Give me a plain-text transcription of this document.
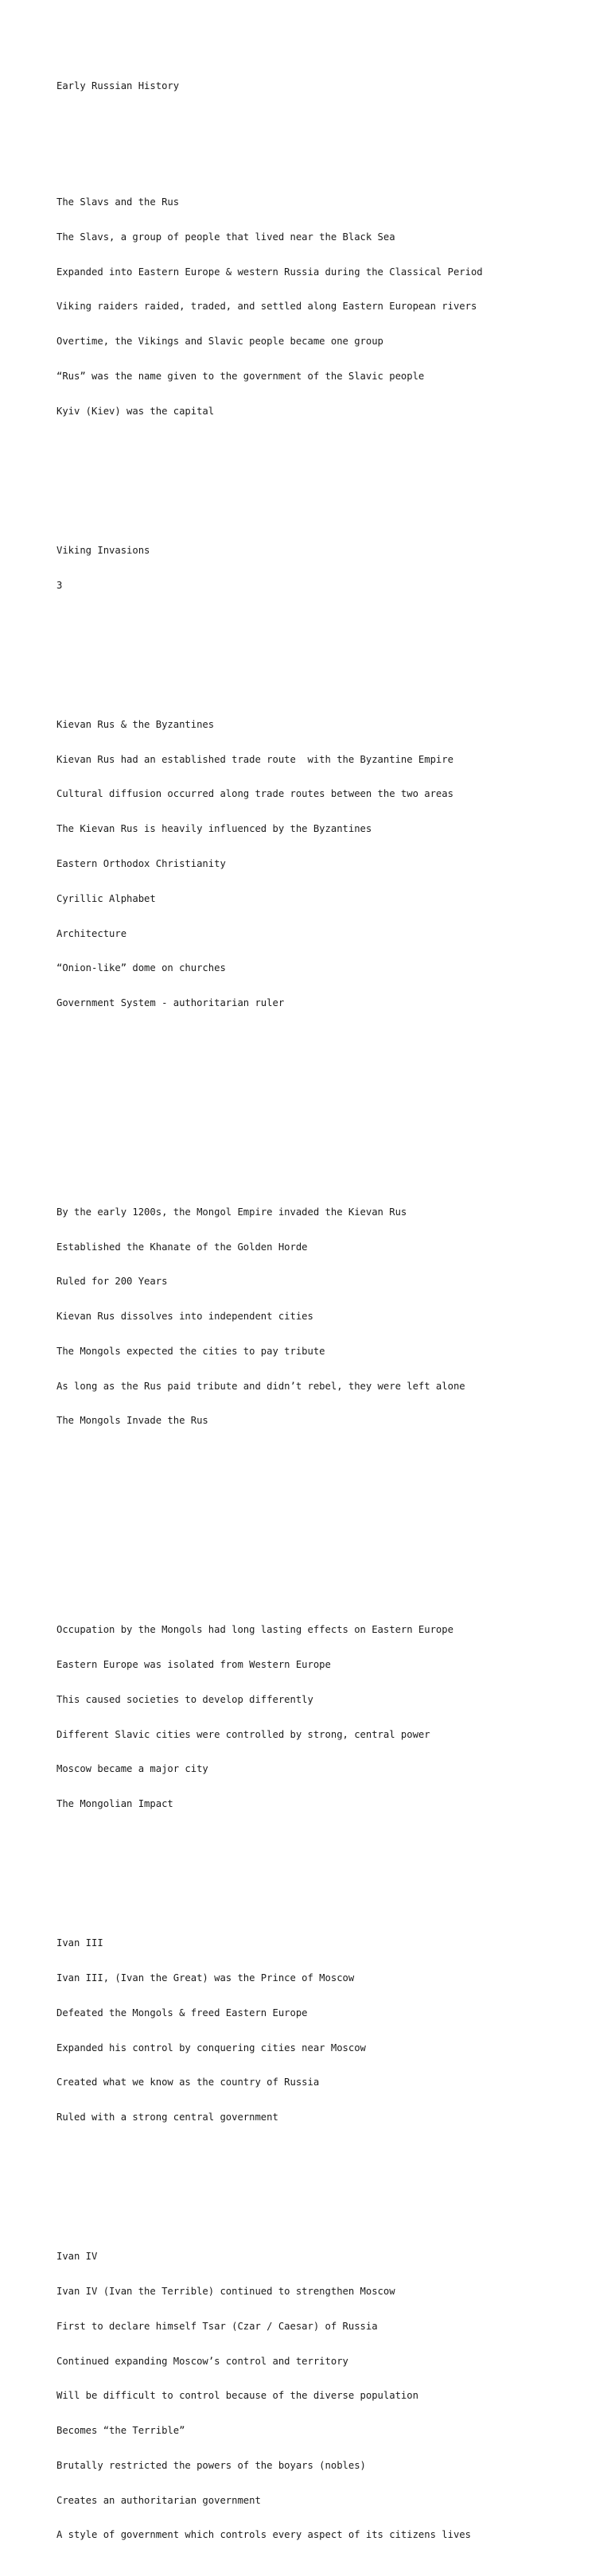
Early Russian History

The Slavs and the Rus

The Slavs, a group of people that lived near the Black Sea

Expanded into Eastern Europe & western Russia during the Classical Period

Viking raiders raided, traded, and settled along Eastern European rivers

Overtime, the Vikings and Slavic people became one group

“Rus” was the name given to the government of the Slavic people

Kyiv (Kiev) was the capital

Viking Invasions

3

Kievan Rus & the Byzantines

Kievan Rus had an established trade route  with the Byzantine Empire

Cultural diffusion occurred along trade routes between the two areas

The Kievan Rus is heavily influenced by the Byzantines

Eastern Orthodox Christianity

Cyrillic Alphabet

Architecture

“Onion-like” dome on churches

Government System - authoritarian ruler

By the early 1200s, the Mongol Empire invaded the Kievan Rus

Established the Khanate of the Golden Horde

Ruled for 200 Years

Kievan Rus dissolves into independent cities

The Mongols expected the cities to pay tribute

As long as the Rus paid tribute and didn’t rebel, they were left alone

The Mongols Invade the Rus

Occupation by the Mongols had long lasting effects on Eastern Europe

Eastern Europe was isolated from Western Europe

This caused societies to develop differently

Different Slavic cities were controlled by strong, central power

Moscow became a major city

The Mongolian Impact

Ivan III

Ivan III, (Ivan the Great) was the Prince of Moscow

Defeated the Mongols & freed Eastern Europe

Expanded his control by conquering cities near Moscow

Created what we know as the country of Russia

Ruled with a strong central government

Ivan IV

Ivan IV (Ivan the Terrible) continued to strengthen Moscow

First to declare himself Tsar (Czar / Caesar) of Russia

Continued expanding Moscow’s control and territory

Will be difficult to control because of the diverse population

Becomes “the Terrible”

Brutally restricted the powers of the boyars (nobles)

Creates an authoritarian government

A style of government which controls every aspect of its citizens lives
